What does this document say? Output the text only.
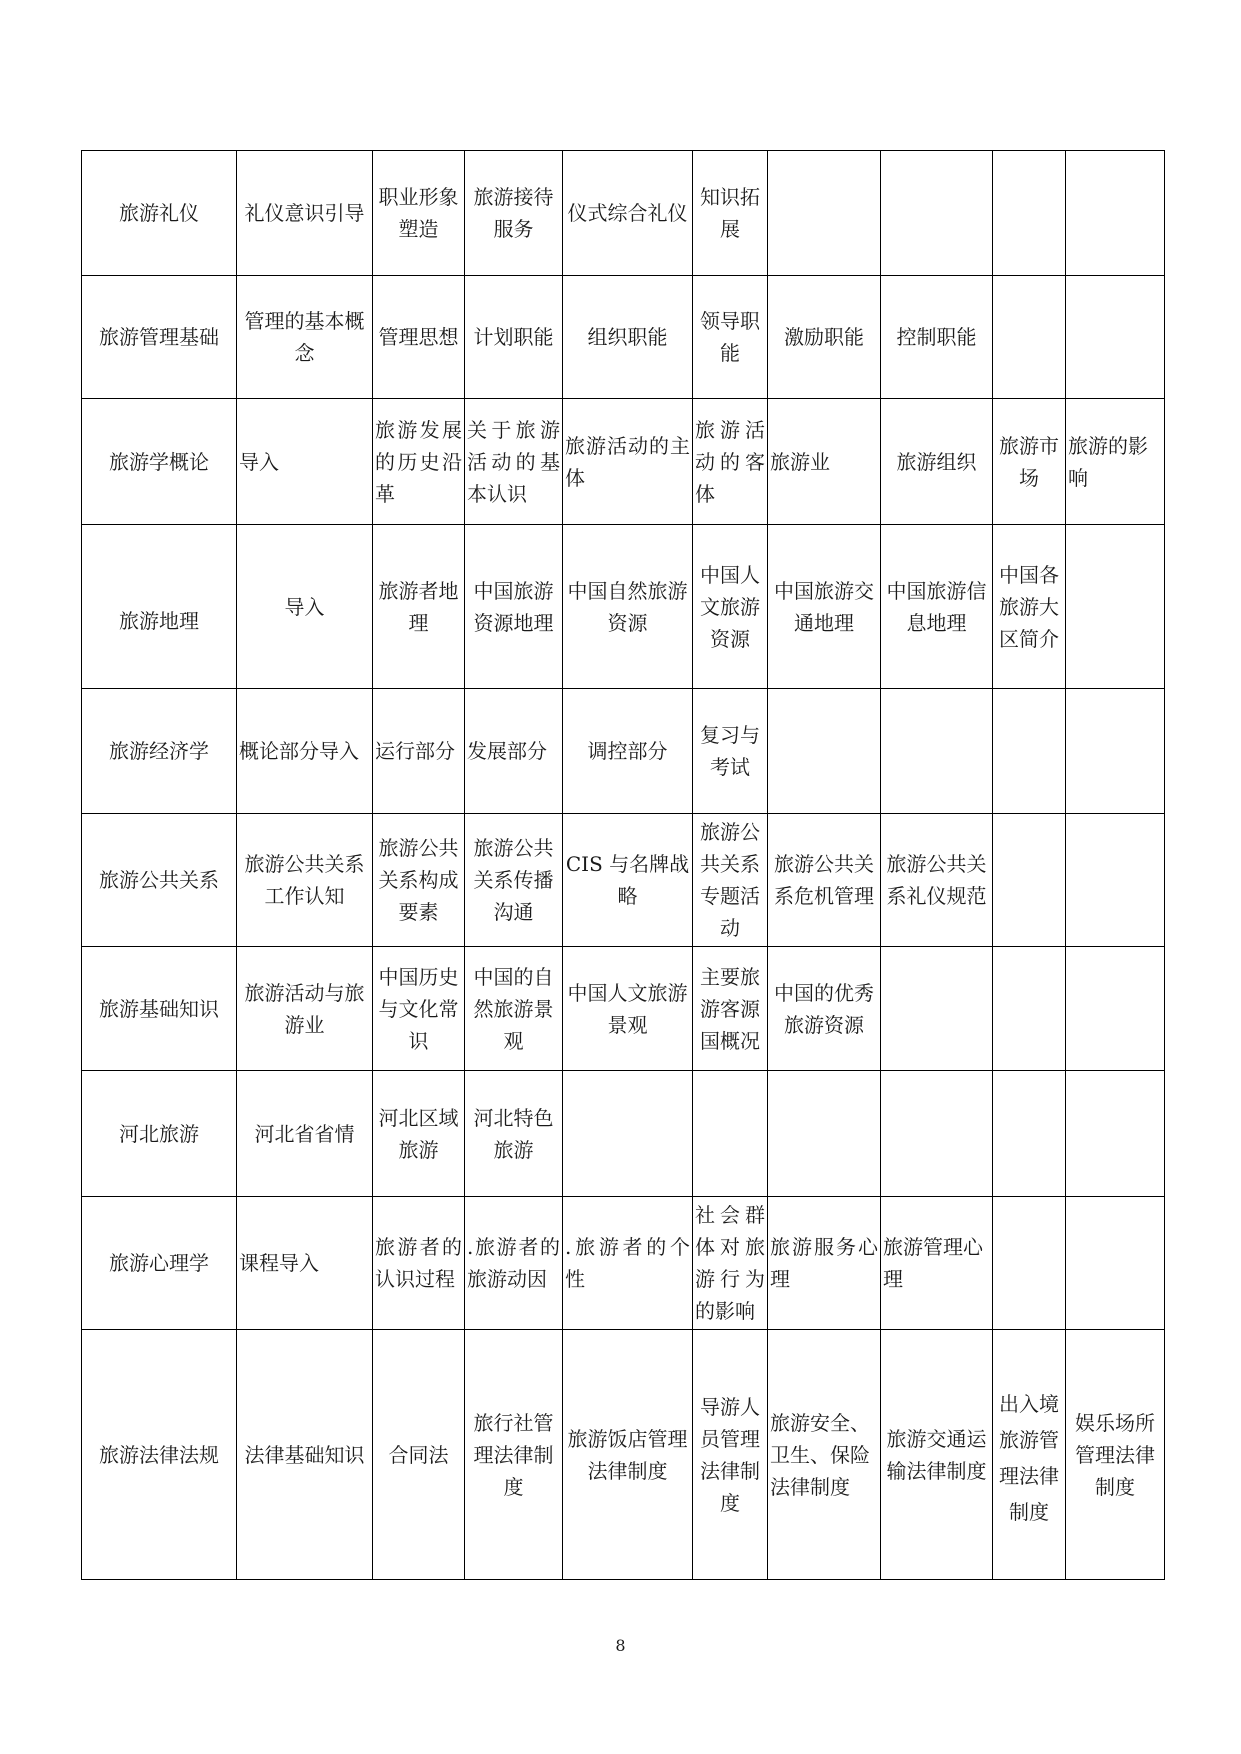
旅游礼仪	礼仪意识引导	职业形象塑造	旅游接待服务	仪式综合礼仪	知识拓展				
旅游管理基础	管理的基本概念	管理思想	计划职能	组织职能	领导职能	激励职能	控制职能		
旅游学概论	导入	旅游发展的历史沿革	关于旅游活动的基本认识	旅游活动的主体	旅游活动的客体	旅游业	旅游组织	旅游市场	旅游的影响
旅游地理	导入	旅游者地理	中国旅游资源地理	中国自然旅游资源	中国人文旅游资源	中国旅游交通地理	中国旅游信息地理	中国各旅游大区简介	
旅游经济学	概论部分导入	运行部分	发展部分	调控部分	复习与考试				
旅游公共关系	旅游公共关系工作认知	旅游公共关系构成要素	旅游公共关系传播沟通	CIS 与名牌战略	旅游公共关系专题活动	旅游公共关系危机管理	旅游公共关系礼仪规范		
旅游基础知识	旅游活动与旅游业	中国历史与文化常识	中国的自然旅游景观	中国人文旅游景观	主要旅游客源国概况	中国的优秀旅游资源			
河北旅游	河北省省情	河北区域旅游	河北特色旅游						
旅游心理学	课程导入	旅游者的认识过程	.旅游者的旅游动因	.旅游者的个性	社会群体对旅游行为的影响	旅游服务心理	旅游管理心理		
旅游法律法规	法律基础知识	合同法	旅行社管理法律制度	旅游饭店管理法律制度	导游人员管理法律制度	旅游安全、卫生、保险法律制度	旅游交通运输法律制度	出入境旅游管理法律制度	娱乐场所管理法律制度
8
